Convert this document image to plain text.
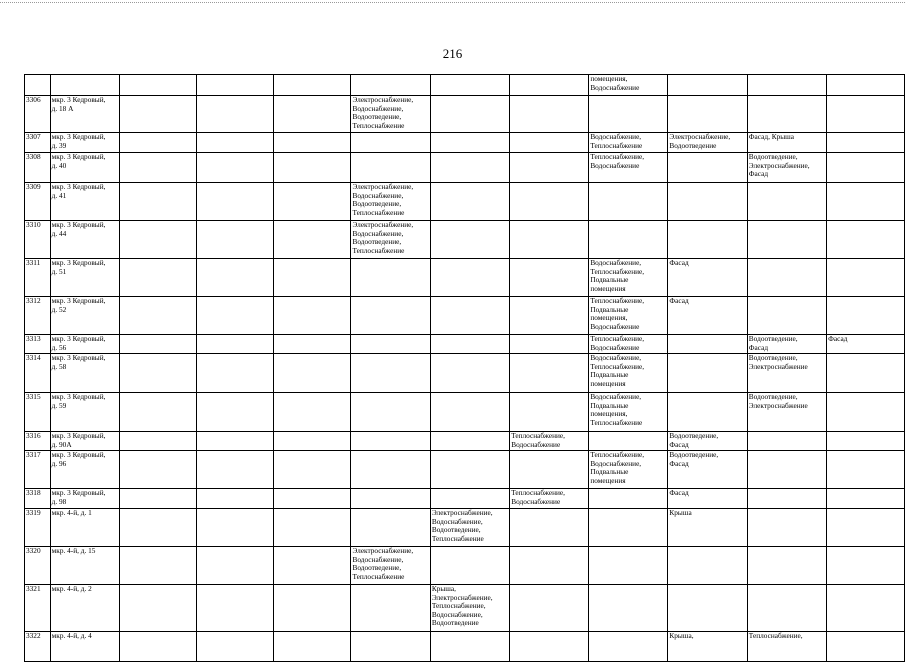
216
								помещения,
Водоснабжение			
3306	мкр. 3 Кедровый,
д. 18 А				Электроснабжение,
Водоснабжение,
Водоотведение,
Теплоснабжение						
3307	мкр. 3 Кедровый,
д. 39							Водоснабжение,
Теплоснабжение	Электроснабжение,
Водоотведение	Фасад, Крыша	
3308	мкр. 3 Кедровый,
д. 40							Теплоснабжение,
Водоснабжение		Водоотведение,
Электроснабжение,
Фасад	
3309	мкр. 3 Кедровый,
д. 41				Электроснабжение,
Водоснабжение,
Водоотведение,
Теплоснабжение						
3310	мкр. 3 Кедровый,
д. 44				Электроснабжение,
Водоснабжение,
Водоотведение,
Теплоснабжение						
3311	мкр. 3 Кедровый,
д. 51							Водоснабжение,
Теплоснабжение,
Подвальные
помещения	Фасад		
3312	мкр. 3 Кедровый,
д. 52							Теплоснабжение,
Подвальные
помещения,
Водоснабжение	Фасад		
3313	мкр. 3 Кедровый,
д. 56							Теплоснабжение,
Водоснабжение		Водоотведение,
Фасад	Фасад
3314	мкр. 3 Кедровый,
д. 58							Водоснабжение,
Теплоснабжение,
Подвальные
помещения		Водоотведение,
Электроснабжение	
3315	мкр. 3 Кедровый,
д. 59							Водоснабжение,
Подвальные
помещения,
Теплоснабжение		Водоотведение,
Электроснабжение	
3316	мкр. 3 Кедровый,
д. 90А						Теплоснабжение,
Водоснабжение		Водоотведение,
Фасад		
3317	мкр. 3 Кедровый,
д. 96							Теплоснабжение,
Водоснабжение,
Подвальные
помещения	Водоотведение,
Фасад		
3318	мкр. 3 Кедровый,
д. 98						Теплоснабжение,
Водоснабжение		Фасад		
3319	мкр. 4-й, д. 1					Электроснабжение,
Водоснабжение,
Водоотведение,
Теплоснабжение			Крыша		
3320	мкр. 4-й, д. 15				Электроснабжение,
Водоснабжение,
Водоотведение,
Теплоснабжение						
3321	мкр. 4-й, д. 2					Крыша,
Электроснабжение,
Теплоснабжение,
Водоснабжение,
Водоотведение					
3322	мкр. 4-й, д. 4								Крыша,	Теплоснабжение,	
